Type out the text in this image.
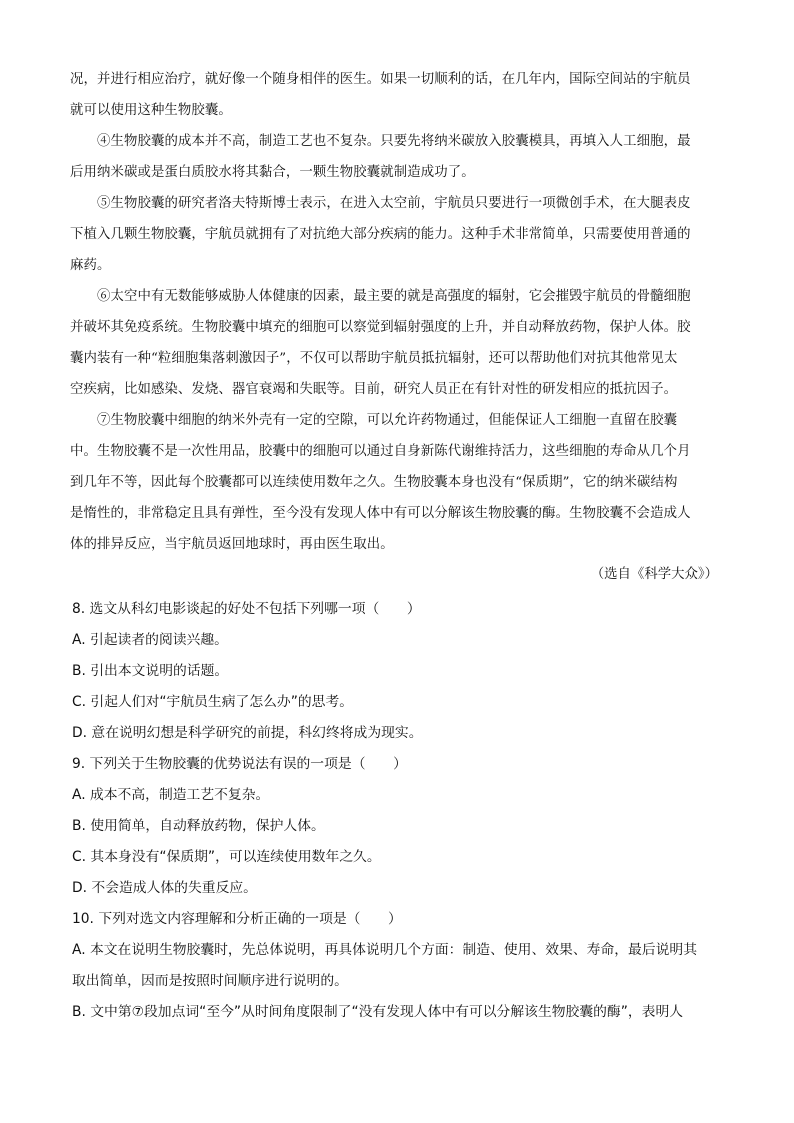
况，并进行相应治疗，就好像一个随身相伴的医生。如果一切顺利的话，在几年内，国际空间站的宇航员
就可以使用这种生物胶囊。
④生物胶囊的成本并不高，制造工艺也不复杂。只要先将纳米碳放入胶囊模具，再填入人工细胞，最
后用纳米碳或是蛋白质胶水将其黏合，一颗生物胶囊就制造成功了。
⑤生物胶囊的研究者洛夫特斯博士表示，在进入太空前，宇航员只要进行一项微创手术，在大腿表皮
下植入几颗生物胶囊，宇航员就拥有了对抗绝大部分疾病的能力。这种手术非常简单，只需要使用普通的
麻药。
⑥太空中有无数能够威胁人体健康的因素，最主要的就是高强度的辐射，它会摧毁宇航员的骨髓细胞
并破坏其免疫系统。生物胶囊中填充的细胞可以察觉到辐射强度的上升，并自动释放药物，保护人体。胶
囊内装有一种“粒细胞集落刺激因子”，不仅可以帮助宇航员抵抗辐射，还可以帮助他们对抗其他常见太
空疾病，比如感染、发烧、器官衰竭和失眠等。目前，研究人员正在有针对性的研发相应的抵抗因子。
⑦生物胶囊中细胞的纳米外壳有一定的空隙，可以允许药物通过，但能保证人工细胞一直留在胶囊
中。生物胶囊不是一次性用品，胶囊中的细胞可以通过自身新陈代谢维持活力，这些细胞的寿命从几个月
到几年不等，因此每个胶囊都可以连续使用数年之久。生物胶囊本身也没有“保质期”，它的纳米碳结构
是惰性的，非常稳定且具有弹性，至今没有发现人体中有可以分解该生物胶囊的酶。生物胶囊不会造成人
体的排异反应，当宇航员返回地球时，再由医生取出。
（选自《科学大众》）
8. 选文从科幻电影谈起的好处不包括下列哪一项（　　）
A. 引起读者的阅读兴趣。
B. 引出本文说明的话题。
C. 引起人们对“宇航员生病了怎么办”的思考。
D. 意在说明幻想是科学研究的前提，科幻终将成为现实。
9. 下列关于生物胶囊的优势说法有误的一项是（　　）
A. 成本不高，制造工艺不复杂。
B. 使用简单，自动释放药物，保护人体。
C. 其本身没有“保质期”，可以连续使用数年之久。
D. 不会造成人体的失重反应。
10. 下列对选文内容理解和分析正确的一项是（　　）
A. 本文在说明生物胶囊时，先总体说明，再具体说明几个方面：制造、使用、效果、寿命，最后说明其
取出简单，因而是按照时间顺序进行说明的。
B. 文中第⑦段加点词“至今”从时间角度限制了“没有发现人体中有可以分解该生物胶囊的酶”，表明人
